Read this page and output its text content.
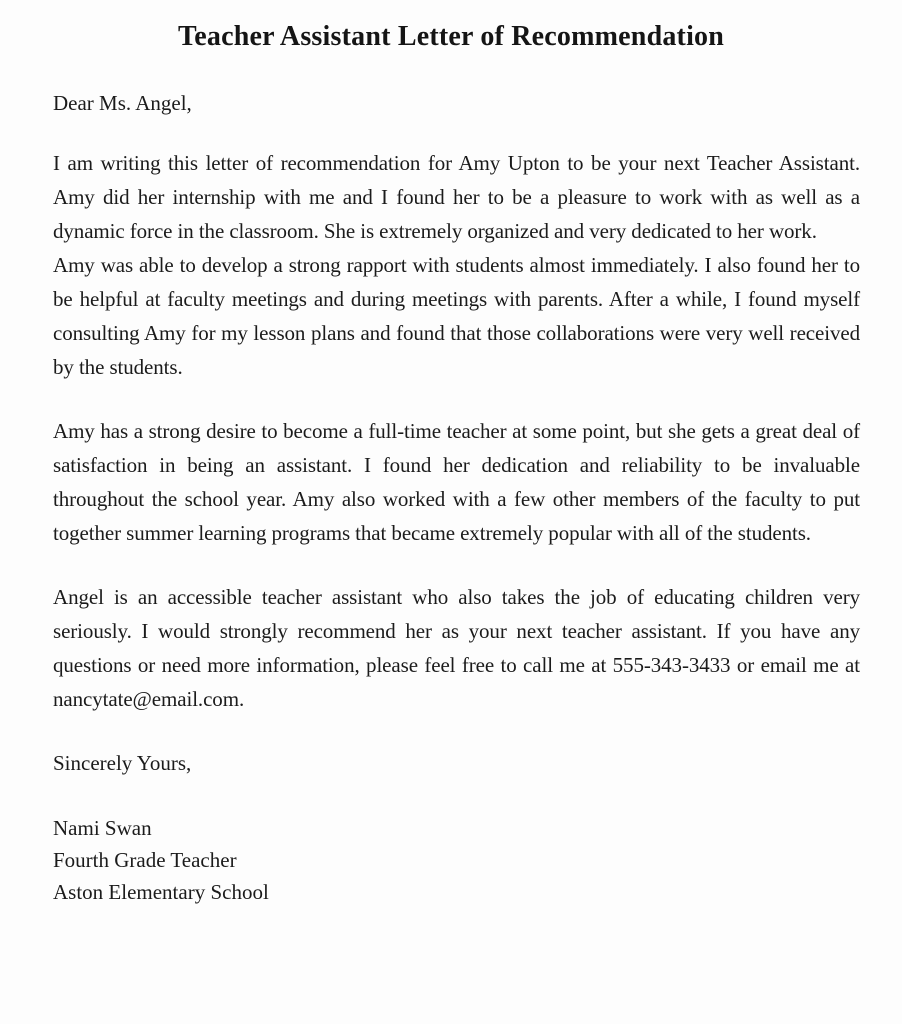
Teacher Assistant Letter of Recommendation

Dear Ms. Angel,

I am writing this letter of recommendation for Amy Upton to be your next Teacher Assistant. Amy did her internship with me and I found her to be a pleasure to work with as well as a dynamic force in the classroom. She is extremely organized and very dedicated to her work.

Amy was able to develop a strong rapport with students almost immediately. I also found her to be helpful at faculty meetings and during meetings with parents. After a while, I found myself consulting Amy for my lesson plans and found that those collaborations were very well received by the students.

Amy has a strong desire to become a full-time teacher at some point, but she gets a great deal of satisfaction in being an assistant. I found her dedication and reliability to be invaluable throughout the school year. Amy also worked with a few other members of the faculty to put together summer learning programs that became extremely popular with all of the students.

Angel is an accessible teacher assistant who also takes the job of educating children very seriously. I would strongly recommend her as your next teacher assistant. If you have any questions or need more information, please feel free to call me at 555-343-3433 or email me at nancytate@email.com.

Sincerely Yours,

Nami Swan

Fourth Grade Teacher

Aston Elementary School
